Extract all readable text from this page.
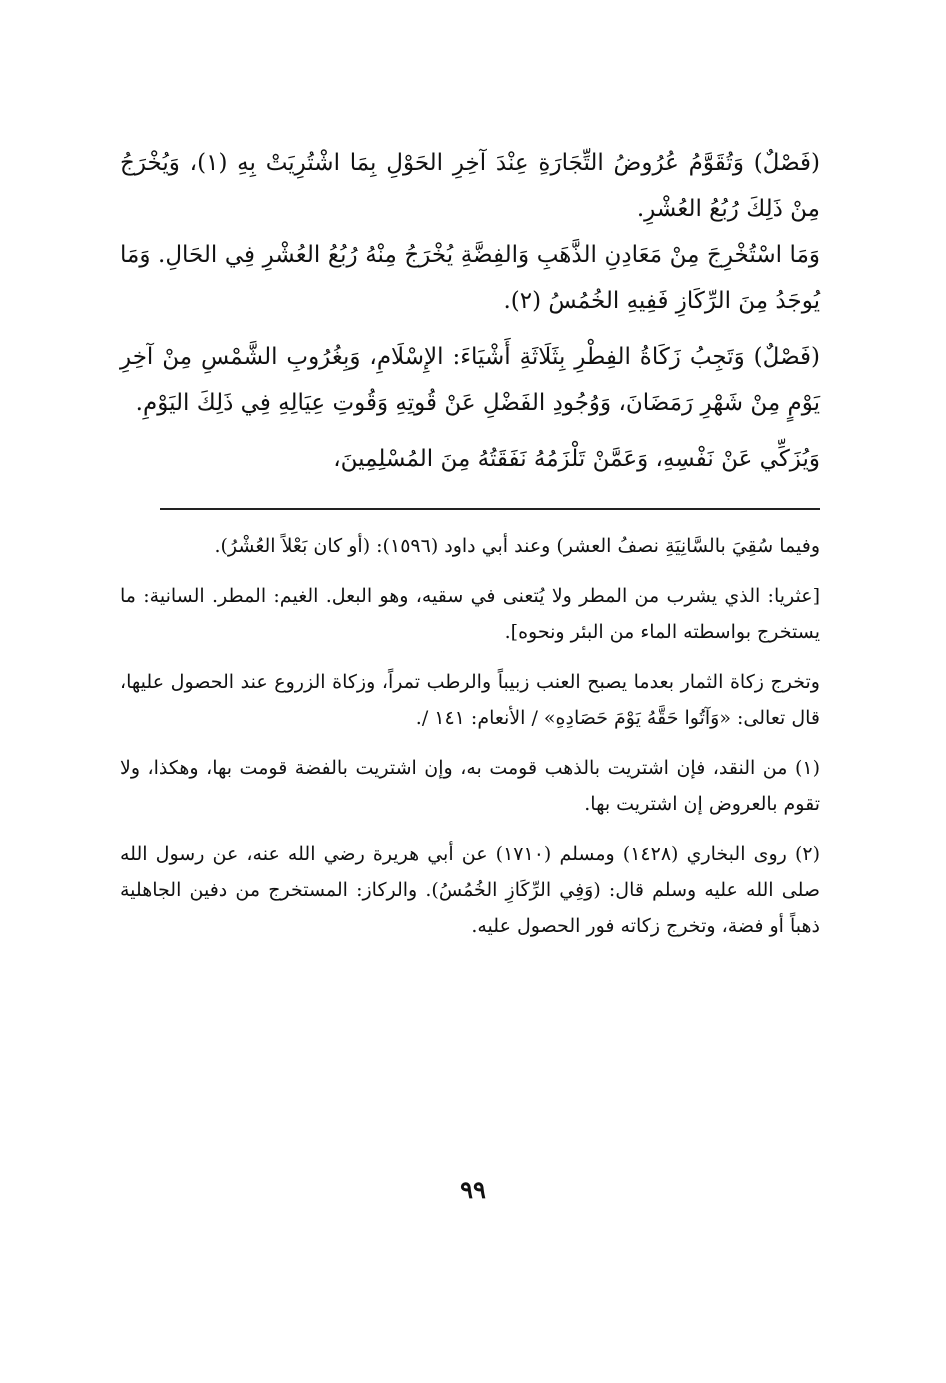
(فَصْلٌ) وَتُقَوَّمُ عُرُوضُ التِّجَارَةِ عِنْدَ آخِرِ الحَوْلِ بِمَا اشْتُرِيَتْ بِهِ (١)، وَيُخْرَجُ مِنْ ذَلِكَ رُبُعُ العُشْرِ.

وَمَا اسْتُخْرِجَ مِنْ مَعَادِنِ الذَّهَبِ وَالفِضَّةِ يُخْرَجُ مِنْهُ رُبُعُ العُشْرِ فِي الحَالِ. وَمَا يُوجَدُ مِنَ الرِّكَازِ فَفِيهِ الخُمُسُ (٢).

(فَصْلٌ) وَتَجِبُ زَكَاةُ الفِطْرِ بِثَلَاثَةِ أَشْيَاءَ: الإِسْلَامِ، وَبِغُرُوبِ الشَّمْسِ مِنْ آخِرِ يَوْمٍ مِنْ شَهْرِ رَمَضَانَ، وَوُجُودِ الفَضْلِ عَنْ قُوتِهِ وَقُوتِ عِيَالِهِ فِي ذَلِكَ اليَوْمِ.

وَيُزَكِّي عَنْ نَفْسِهِ، وَعَمَّنْ تَلْزَمُهُ نَفَقَتُهُ مِنَ المُسْلِمِينَ،

وفيما سُقِيَ بالسَّانِيَةِ نصفُ العشر) وعند أبي داود (١٥٩٦): (أو كان بَعْلاً العُشْرُ).

[عثريا: الذي يشرب من المطر ولا يُتعنى في سقيه، وهو البعل. الغيم: المطر. السانية: ما يستخرج بواسطته الماء من البئر ونحوه].

وتخرج زكاة الثمار بعدما يصبح العنب زبيباً والرطب تمراً، وزكاة الزروع عند الحصول عليها، قال تعالى: «وَآتُوا حَقَّهُ يَوْمَ حَصَادِهِ» / الأنعام: ١٤١ /.

(١) من النقد، فإن اشتريت بالذهب قومت به، وإن اشتريت بالفضة قومت بها، وهكذا، ولا تقوم بالعروض إن اشتريت بها.

(٢) روى البخاري (١٤٢٨) ومسلم (١٧١٠) عن أبي هريرة رضي الله عنه، عن رسول الله صلى الله عليه وسلم قال: (وَفِي الرِّكَازِ الخُمُسُ). والركاز: المستخرج من دفين الجاهلية ذهباً أو فضة، وتخرج زكاته فور الحصول عليه.

٩٩
